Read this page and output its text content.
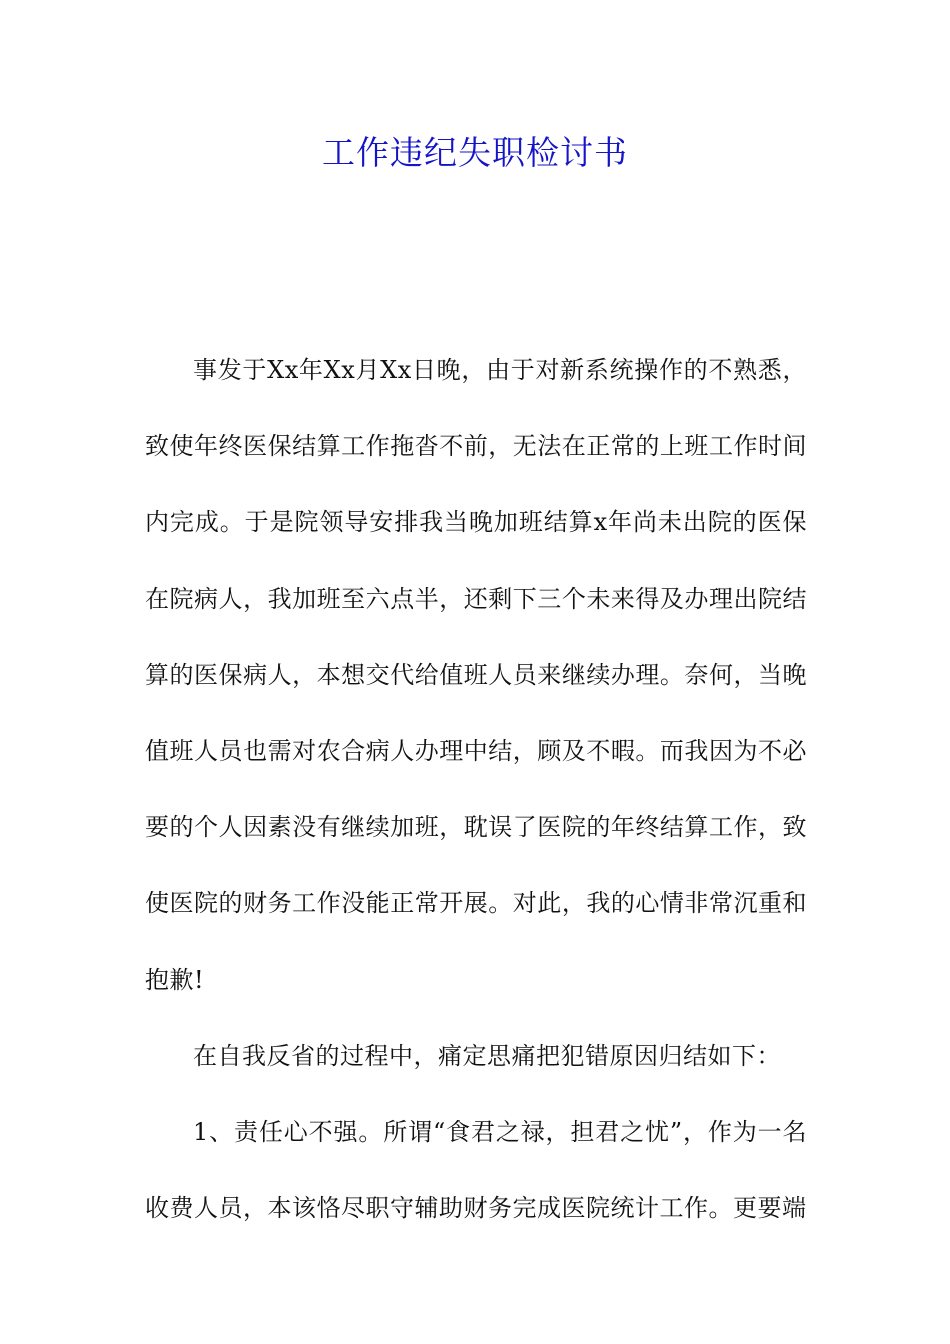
工作违纪失职检讨书

事发于Xx年Xx月Xx日晚，由于对新系统操作的不熟悉，致使年终医保结算工作拖沓不前，无法在正常的上班工作时间内完成。于是院领导安排我当晚加班结算x年尚未出院的医保在院病人，我加班至六点半，还剩下三个未来得及办理出院结算的医保病人，本想交代给值班人员来继续办理。奈何，当晚值班人员也需对农合病人办理中结，顾及不暇。而我因为不必要的个人因素没有继续加班，耽误了医院的年终结算工作，致使医院的财务工作没能正常开展。对此，我的心情非常沉重和抱歉!

在自我反省的过程中，痛定思痛把犯错原因归结如下：

1、责任心不强。所谓“食君之禄，担君之忧”，作为一名收费人员，本该恪尽职守辅助财务完成医院统计工作。更要端
